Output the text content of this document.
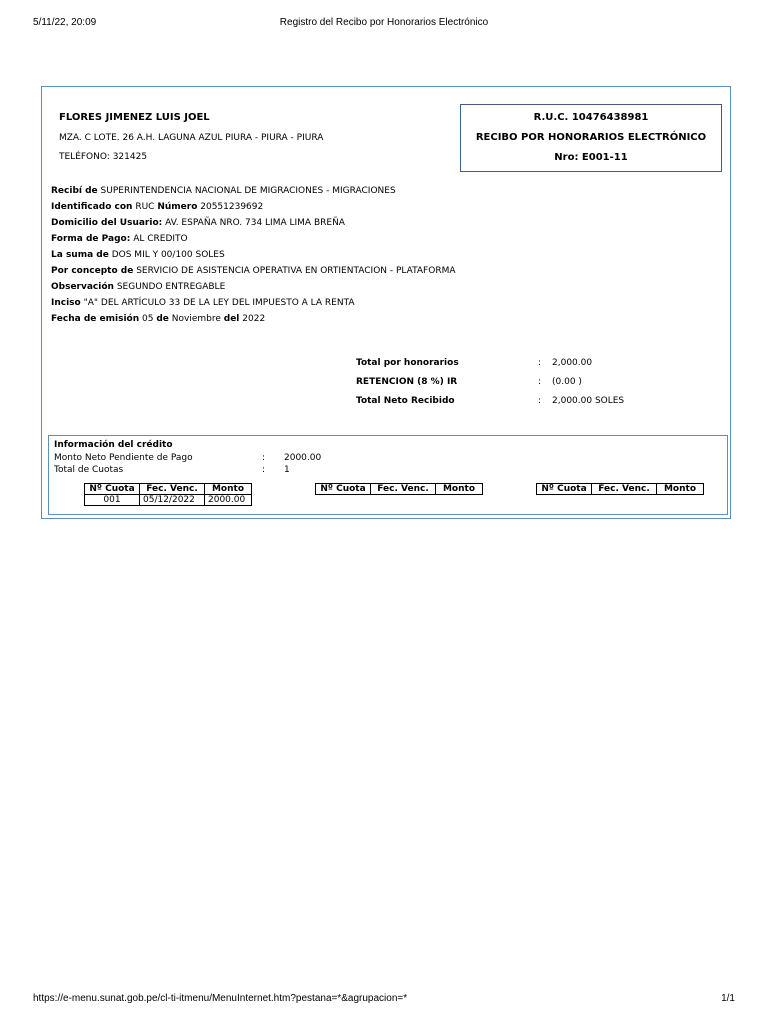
5/11/22, 20:09	Registro del Recibo por Honorarios Electrónico
FLORES JIMENEZ LUIS JOEL
MZA. C LOTE. 26 A.H. LAGUNA AZUL PIURA - PIURA - PIURA
TELÉFONO: 321425
R.U.C. 10476438981
RECIBO POR HONORARIOS ELECTRÓNICO
Nro: E001-11
Recibí de SUPERINTENDENCIA NACIONAL DE MIGRACIONES - MIGRACIONES
Identificado con RUC Número 20551239692
Domicilio del Usuario: AV. ESPAÑA NRO. 734 LIMA LIMA BREÑA
Forma de Pago: AL CREDITO
La suma de DOS MIL Y 00/100 SOLES
Por concepto de SERVICIO DE ASISTENCIA OPERATIVA EN ORTIENTACION - PLATAFORMA
Observación SEGUNDO ENTREGABLE
Inciso "A" DEL ARTÍCULO 33 DE LA LEY DEL IMPUESTO A LA RENTA
Fecha de emisión 05 de Noviembre del 2022
Total por honorarios	: 2,000.00
RETENCION (8 %) IR	: (0.00 )
Total Neto Recibido	: 2,000.00 SOLES
Información del crédito
Monto Neto Pendiente de Pago	: 2000.00
Total de Cuotas	: 1
Nº Cuota	Fec. Venc.	Monto
001	05/12/2022	2000.00
Nº Cuota	Fec. Venc.	Monto	Nº Cuota	Fec. Venc.	Monto
https://e-menu.sunat.gob.pe/cl-ti-itmenu/MenuInternet.htm?pestana=*&agrupacion=*	1/1
